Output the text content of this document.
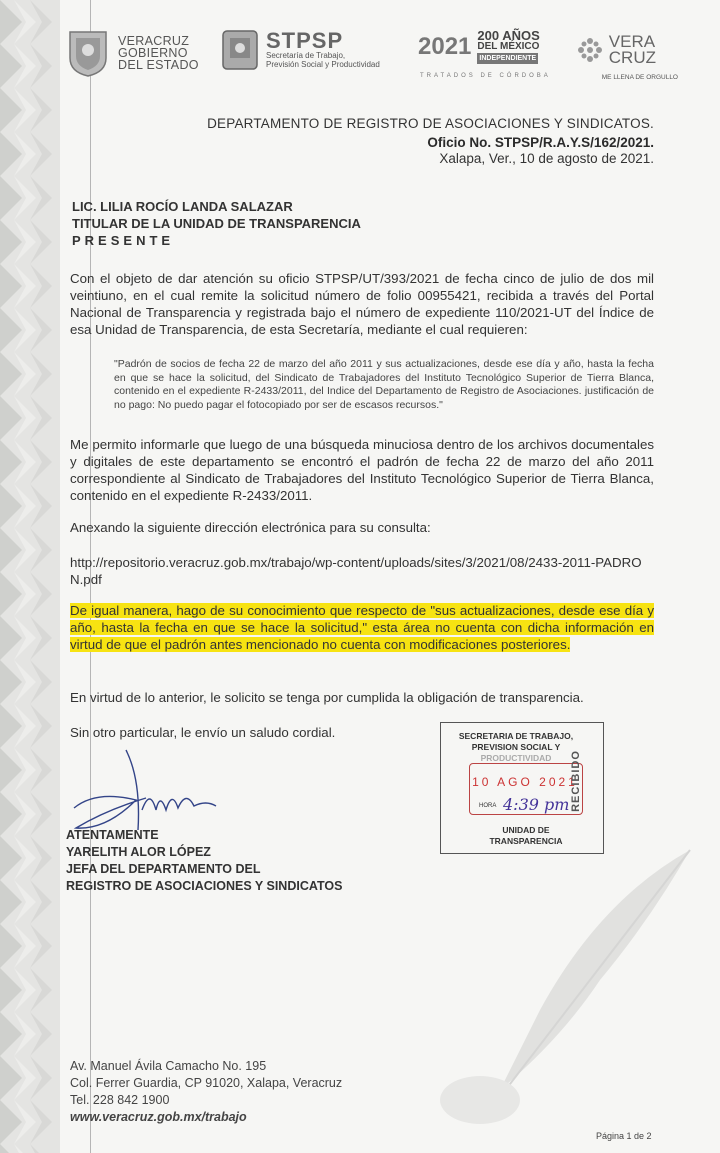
VERACRUZ
GOBIERNO
DEL ESTADO
STPSP
Secretaría de Trabajo,
Previsión Social y Productividad
2021 200 AÑOS
DEL MÉXICO
INDEPENDIENTE
TRATADOS DE CÓRDOBA
VERA
CRUZ
ME LLENA DE ORGULLO
DEPARTAMENTO DE REGISTRO DE ASOCIACIONES Y SINDICATOS.
Oficio No. STPSP/R.A.Y.S/162/2021.
Xalapa, Ver., 10 de agosto de 2021.
LIC. LILIA ROCÍO LANDA SALAZAR
TITULAR DE LA UNIDAD DE TRANSPARENCIA
PRESENTE
Con el objeto de dar atención su oficio STPSP/UT/393/2021 de fecha cinco de julio de dos mil veintiuno, en el cual remite la solicitud número de folio 00955421, recibida a través del Portal Nacional de Transparencia y registrada bajo el número de expediente 110/2021-UT del Índice de esa Unidad de Transparencia, de esta Secretaría, mediante el cual requieren:
"Padrón de socios de fecha 22 de marzo del año 2011 y sus actualizaciones, desde ese día y año, hasta la fecha en que se hace la solicitud, del Sindicato de Trabajadores del Instituto Tecnológico Superior de Tierra Blanca, contenido en el expediente R-2433/2011, del Indice del Departamento de Registro de Asociaciones. justificación de no pago: No puedo pagar el fotocopiado por ser de escasos recursos."
Me permito informarle que luego de una búsqueda minuciosa dentro de los archivos documentales y digitales de este departamento se encontró el padrón de fecha 22 de marzo del año 2011 correspondiente al Sindicato de Trabajadores del Instituto Tecnológico Superior de Tierra Blanca, contenido en el expediente R-2433/2011.
Anexando la siguiente dirección electrónica para su consulta:
http://repositorio.veracruz.gob.mx/trabajo/wp-content/uploads/sites/3/2021/08/2433-2011-PADRON.pdf
De igual manera, hago de su conocimiento que respecto de "sus actualizaciones, desde ese día y año, hasta la fecha en que se hace la solicitud," esta área no cuenta con dicha información en virtud de que el padrón antes mencionado no cuenta con modificaciones posteriores.
En virtud de lo anterior, le solicito se tenga por cumplida la obligación de transparencia.
Sin otro particular, le envío un saludo cordial.
ATENTAMENTE
YARELITH ALOR LÓPEZ
JEFA DEL DEPARTAMENTO DEL
REGISTRO DE ASOCIACIONES Y SINDICATOS
SECRETARIA DE TRABAJO,
PREVISION SOCIAL Y
PRODUCTIVIDAD
10 AGO 2021
HORA 4:39 pm
UNIDAD DE
TRANSPARENCIA
RECIBIDO
Av. Manuel Ávila Camacho No. 195
Col. Ferrer Guardia, CP 91020, Xalapa, Veracruz
Tel. 228 842 1900
www.veracruz.gob.mx/trabajo
Página 1 de 2
